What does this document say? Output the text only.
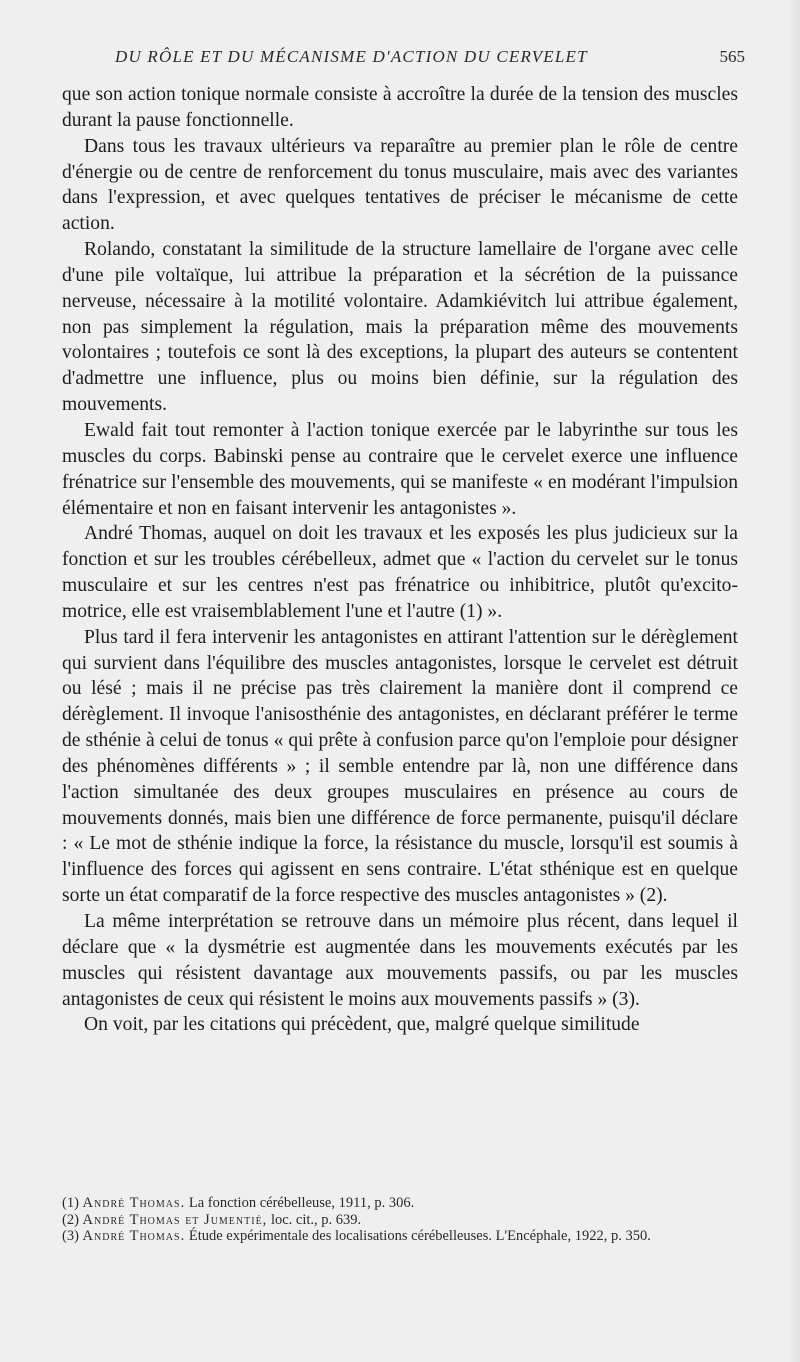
DU RÔLE ET DU MÉCANISME D'ACTION DU CERVELET	565

que son action tonique normale consiste à accroître la durée de la tension des muscles durant la pause fonctionnelle.

Dans tous les travaux ultérieurs va reparaître au premier plan le rôle de centre d'énergie ou de centre de renforcement du tonus musculaire, mais avec des variantes dans l'expression, et avec quelques tentatives de préciser le mécanisme de cette action.

Rolando, constatant la similitude de la structure lamellaire de l'organe avec celle d'une pile voltaïque, lui attribue la préparation et la sécrétion de la puissance nerveuse, nécessaire à la motilité volontaire. Adamkiévitch lui attribue également, non pas simplement la régulation, mais la préparation même des mouvements volontaires ; toutefois ce sont là des exceptions, la plupart des auteurs se contentent d'admettre une influence, plus ou moins bien définie, sur la régulation des mouvements.

Ewald fait tout remonter à l'action tonique exercée par le labyrinthe sur tous les muscles du corps. Babinski pense au contraire que le cervelet exerce une influence frénatrice sur l'ensemble des mouvements, qui se manifeste « en modérant l'impulsion élémentaire et non en faisant intervenir les antagonistes ».

André Thomas, auquel on doit les travaux et les exposés les plus judicieux sur la fonction et sur les troubles cérébelleux, admet que « l'action du cervelet sur le tonus musculaire et sur les centres n'est pas frénatrice ou inhibitrice, plutôt qu'excito-motrice, elle est vraisemblablement l'une et l'autre (1) ».

Plus tard il fera intervenir les antagonistes en attirant l'attention sur le dérèglement qui survient dans l'équilibre des muscles antagonistes, lorsque le cervelet est détruit ou lésé ; mais il ne précise pas très clairement la manière dont il comprend ce dérèglement. Il invoque l'anisosthénie des antagonistes, en déclarant préférer le terme de sthénie à celui de tonus « qui prête à confusion parce qu'on l'emploie pour désigner des phénomènes différents » ; il semble entendre par là, non une différence dans l'action simultanée des deux groupes musculaires en présence au cours de mouvements donnés, mais bien une différence de force permanente, puisqu'il déclare : « Le mot de sthénie indique la force, la résistance du muscle, lorsqu'il est soumis à l'influence des forces qui agissent en sens contraire. L'état sthénique est en quelque sorte un état comparatif de la force respective des muscles antagonistes » (2).

La même interprétation se retrouve dans un mémoire plus récent, dans lequel il déclare que « la dysmétrie est augmentée dans les mouvements exécutés par les muscles qui résistent davantage aux mouvements passifs, ou par les muscles antagonistes de ceux qui résistent le moins aux mouvements passifs » (3).

On voit, par les citations qui précèdent, que, malgré quelque similitude

(1) André Thomas. La fonction cérébelleuse, 1911, p. 306.

(2) André Thomas et Jumentié, loc. cit., p. 639.

(3) André Thomas. Étude expérimentale des localisations cérébelleuses. L'Encéphale, 1922, p. 350.
